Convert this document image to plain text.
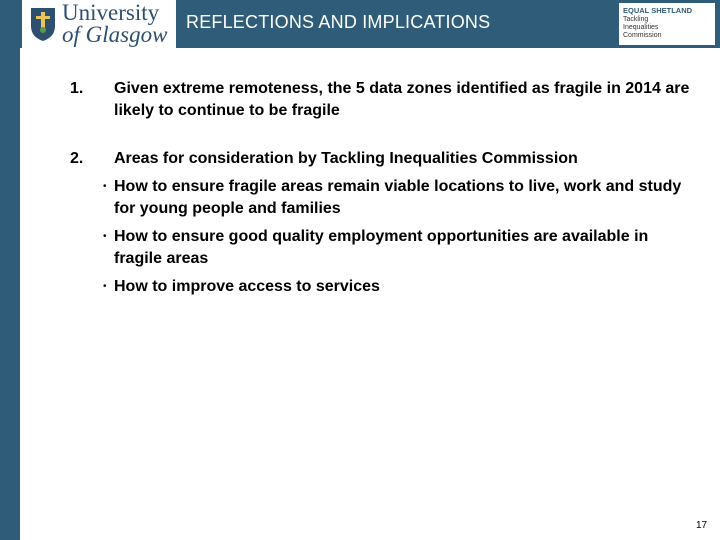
University
of Glasgow REFLECTIONS AND IMPLICATIONS
EQUAL SHETLAND
Tackling
Inequalities
Commission
1.	Given extreme remoteness, the 5 data zones identified as fragile in 2014 are likely to continue to be fragile
2.	Areas for consideration by Tackling Inequalities Commission
• How to ensure fragile areas remain viable locations to live, work and study for young people and families
• How to ensure good quality employment opportunities are available in fragile areas
• How to improve access to services
17
